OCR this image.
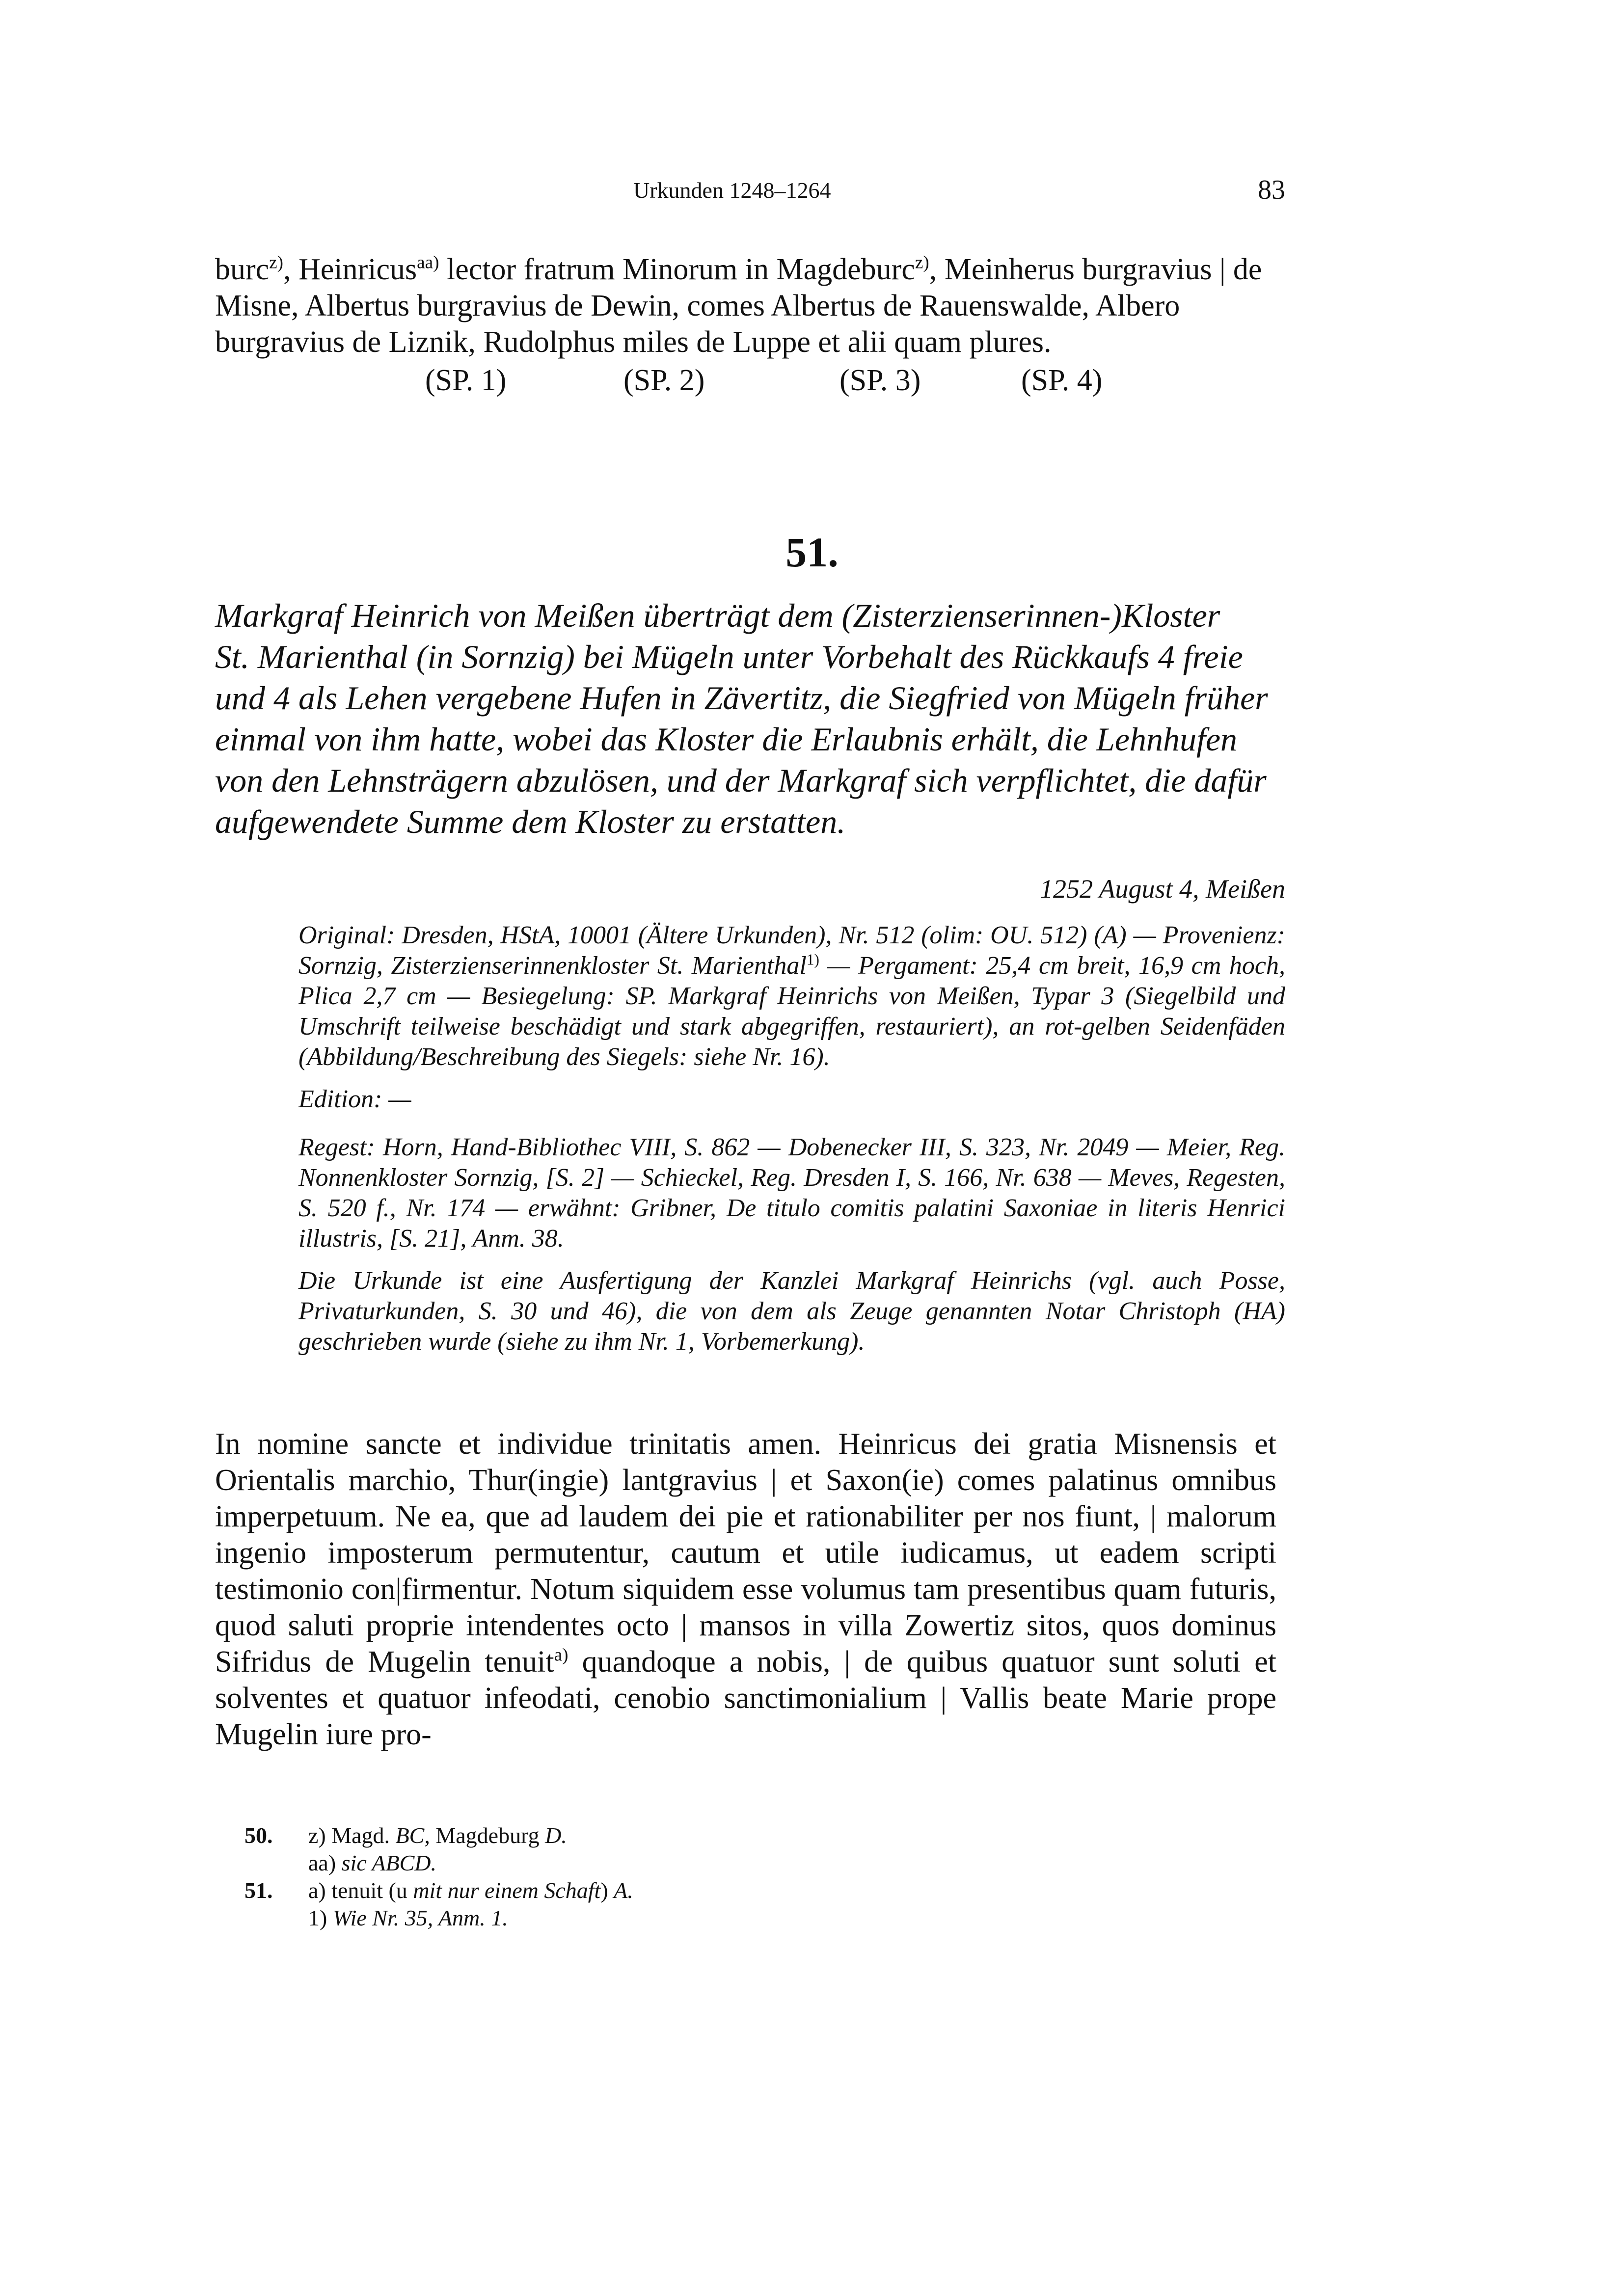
Urkunden 1248–1264	83

burc$^{z)}$, Heinricus$^{aa)}$ lector fratrum Minorum in Magdeburc$^{z)}$, Meinherus burgravius | de

Misne, Albertus burgravius de Dewin, comes Albertus de Rauenswalde, Albero

burgravius de Liznik, Rudolphus miles de Luppe et alii quam plures.

(SP. 1)	(SP. 2)	(SP. 3)	(SP. 4)
51.

Markgraf Heinrich von Meißen überträgt dem (Zisterzienserinnen-)Kloster

St. Marienthal (in Sornzig) bei Mügeln unter Vorbehalt des Rückkaufs 4 freie

und 4 als Lehen vergebene Hufen in Zävertitz, die Siegfried von Mügeln früher

einmal von ihm hatte, wobei das Kloster die Erlaubnis erhält, die Lehnhufen

von den Lehnsträgern abzulösen, und der Markgraf sich verpflichtet, die dafür

aufgewendete Summe dem Kloster zu erstatten.

1252 August 4, Meißen

Original: Dresden, HStA, 10001 (Ältere Urkunden), Nr. 512 (olim: OU. 512) (A) — Provenienz: Sornzig, Zisterzienserinnenkloster St. Marienthal$^{1)}$ — Pergament: 25,4 cm breit, 16,9 cm hoch, Plica 2,7 cm — Besiegelung: SP. Markgraf Heinrichs von Meißen, Typar 3 (Siegelbild und Umschrift teilweise beschädigt und stark abgegriffen, restauriert), an rot-gelben Seidenfäden (Abbildung/Beschreibung des Siegels: siehe Nr. 16).

Edition: —

Regest: Horn, Hand-Bibliothec VIII, S. 862 — Dobenecker III, S. 323, Nr. 2049 — Meier, Reg. Nonnenkloster Sornzig, [S. 2] — Schieckel, Reg. Dresden I, S. 166, Nr. 638 — Meves, Regesten, S. 520 f., Nr. 174 — erwähnt: Gribner, De titulo comitis palatini Saxoniae in literis Henrici illustris, [S. 21], Anm. 38.

Die Urkunde ist eine Ausfertigung der Kanzlei Markgraf Heinrichs (vgl. auch Posse, Privaturkunden, S. 30 und 46), die von dem als Zeuge genannten Notar Christoph (HA) geschrieben wurde (siehe zu ihm Nr. 1, Vorbemerkung).

In nomine sancte et individue trinitatis amen. Heinricus dei gratia Misnensis et Orientalis marchio, Thur(ingie) lantgravius | et Saxon(ie) comes palatinus omnibus imperpetuum. Ne ea, que ad laudem dei pie et rationabiliter per nos fiunt, | malorum ingenio imposterum permutentur, cautum et utile iudicamus, ut eadem scripti testimonio con|firmentur. Notum siquidem esse volumus tam presentibus quam futuris, quod saluti proprie intendentes octo | mansos in villa Zowertiz sitos, quos dominus Sifridus de Mugelin tenuit$^{a)}$ quandoque a nobis, | de quibus quatuor sunt soluti et solventes et quatuor infeodati, cenobio sanctimonialium | Vallis beate Marie prope Mugelin iure pro-

50.	z) Magd. BC, Magdeburg D.
aa) sic ABCD.
51.	a) tenuit (u mit nur einem Schaft) A.
1) Wie Nr. 35, Anm. 1.
